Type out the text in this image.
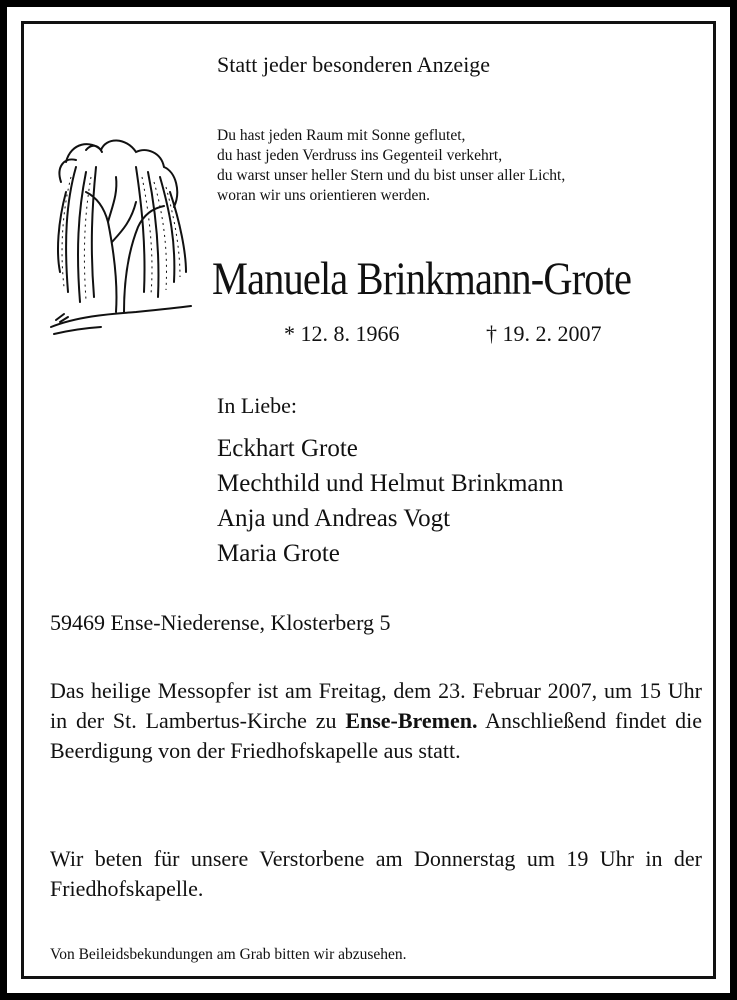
Statt jeder besonderen Anzeige
Du hast jeden Raum mit Sonne geflutet,
du hast jeden Verdruss ins Gegenteil verkehrt,
du warst unser heller Stern und du bist unser aller Licht,
woran wir uns orientieren werden.
Manuela Brinkmann-Grote
* 12. 8. 1966	† 19. 2. 2007
In Liebe:
Eckhart Grote
Mechthild und Helmut Brinkmann
Anja und Andreas Vogt
Maria Grote
59469 Ense-Niederense, Klosterberg 5
Das heilige Messopfer ist am Freitag, dem 23. Februar 2007, um 15 Uhr in der St. Lambertus-Kirche zu Ense-Bremen. Anschließend findet die Beerdigung von der Friedhofskapelle aus statt.
Wir beten für unsere Verstorbene am Donnerstag um 19 Uhr in der Friedhofskapelle.
Von Beileidsbekundungen am Grab bitten wir abzusehen.
